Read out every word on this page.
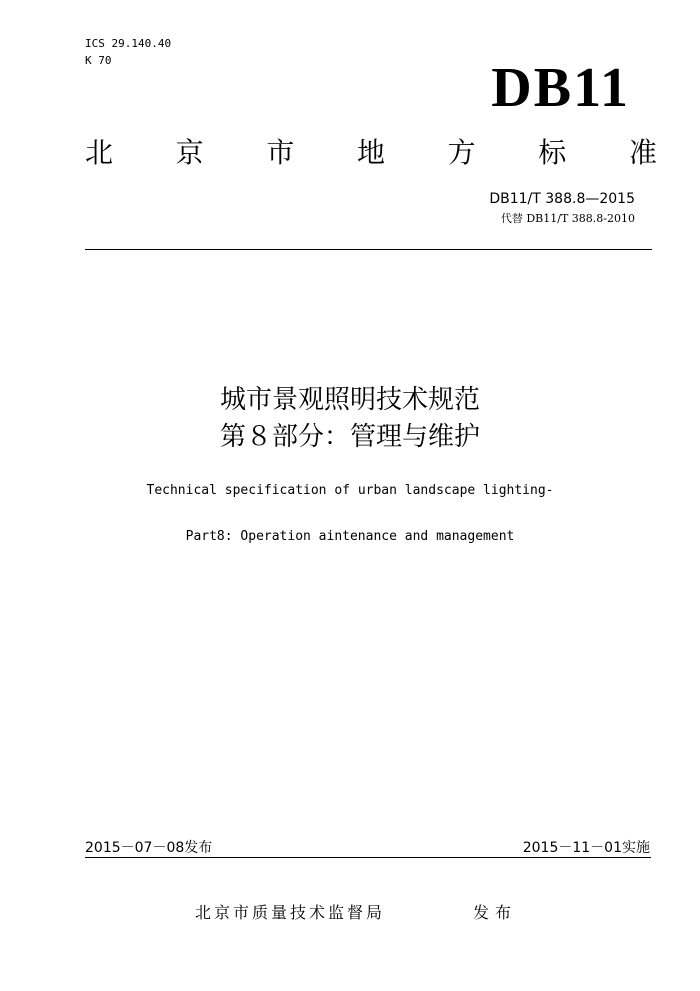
ICS 29.140.40
K 70	DB11
北 京 市 地 方 标 准
DB11/T 388.8—2015
代替 DB11/T 388.8-2010
城市景观照明技术规范
第８部分：管理与维护
Technical specification of urban landscape lighting-
Part8: Operation aintenance and management
2015－07－08发布	2015－11－01实施
北京市质量技术监督局	发布
